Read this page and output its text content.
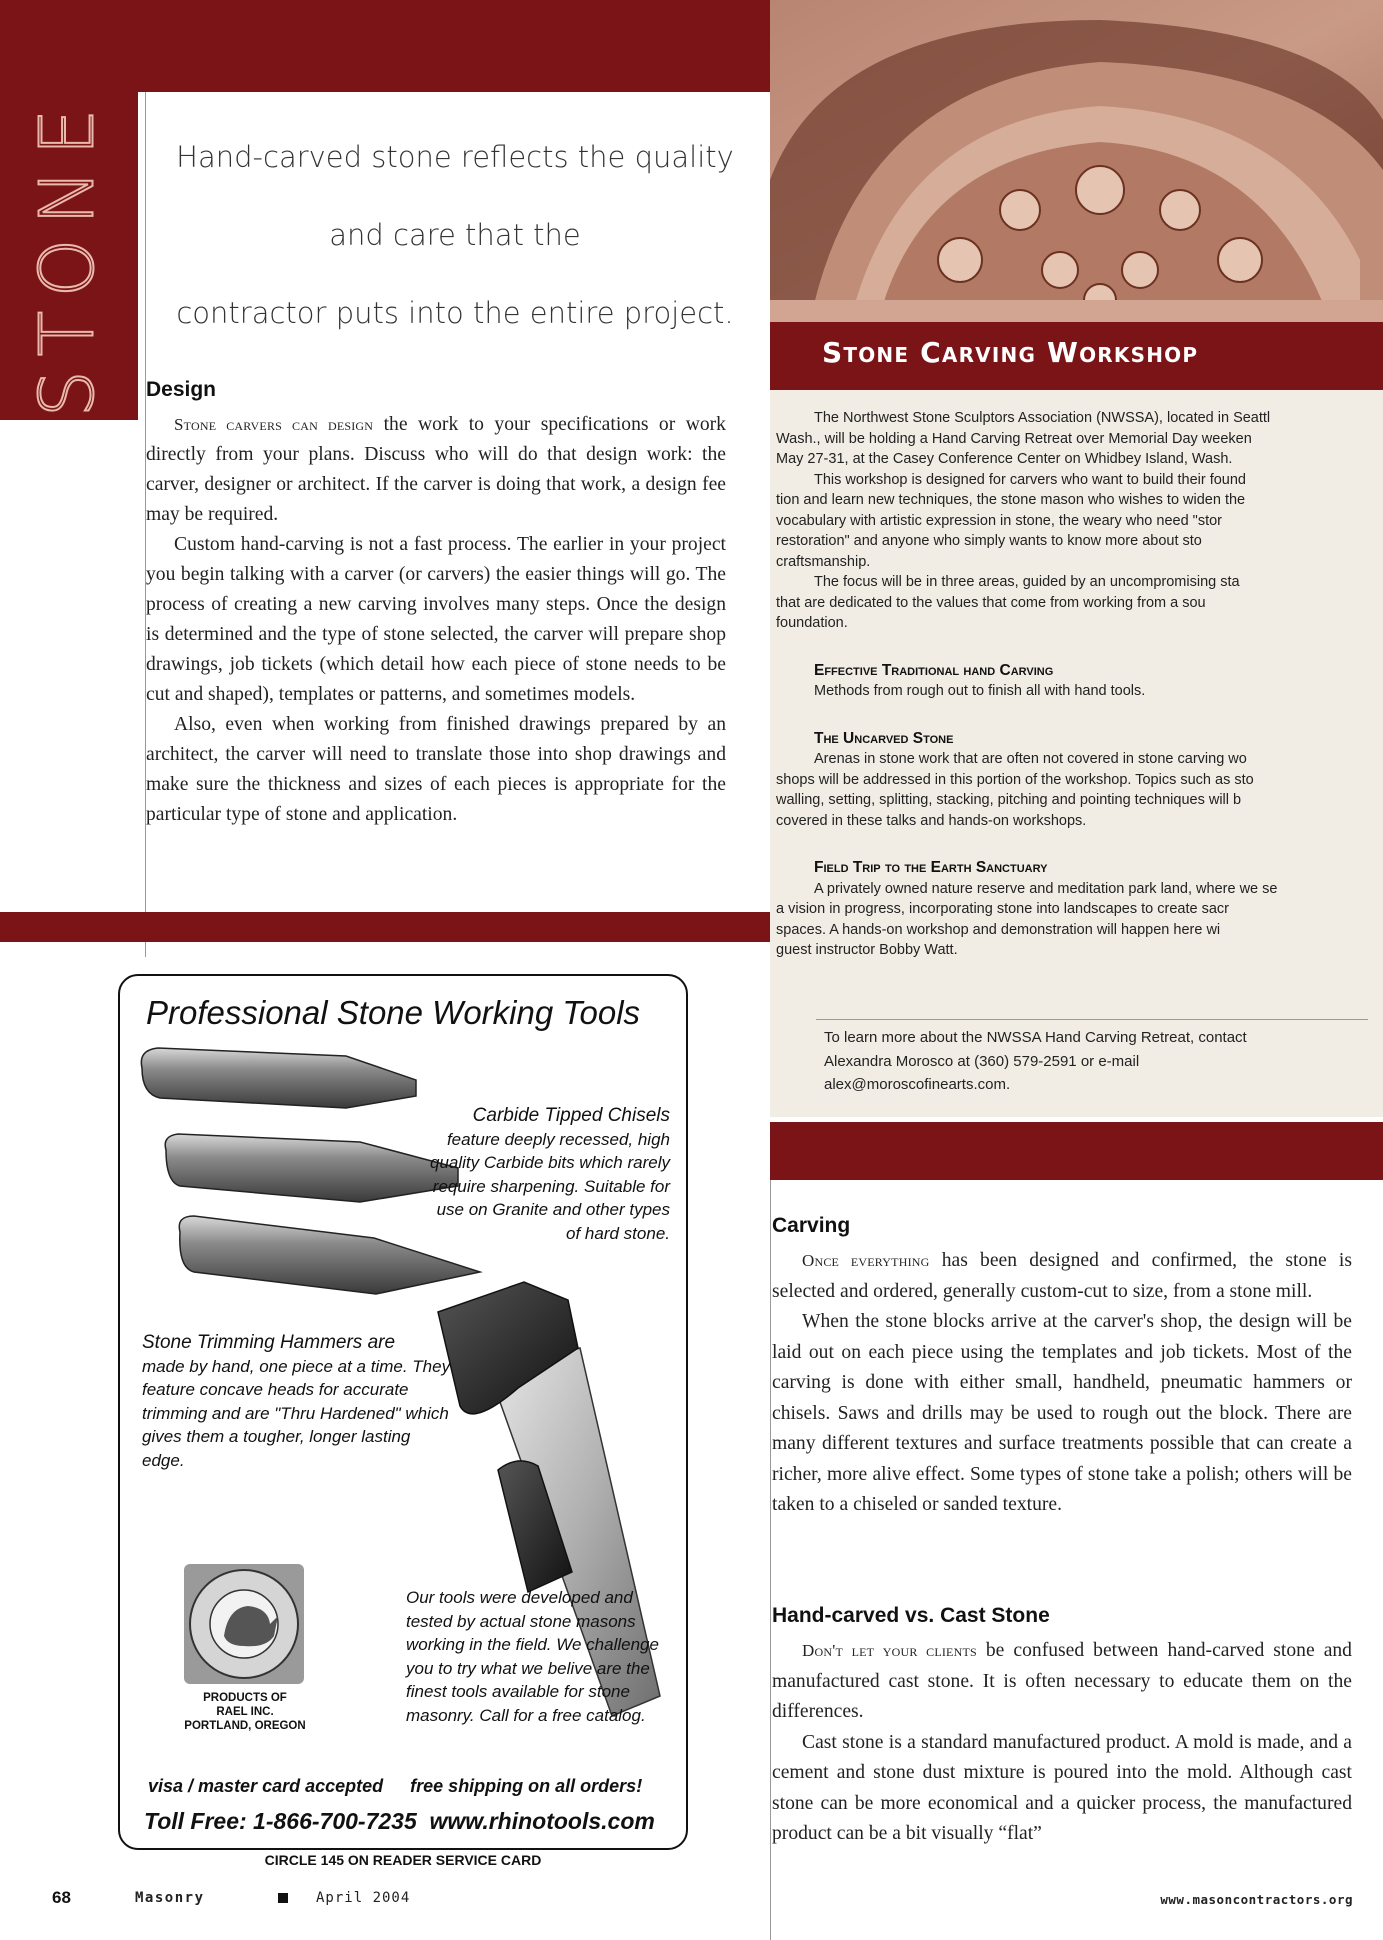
STONE	Hand-carved stone reflects the quality
and care that the
contractor puts into the entire project.
Design

Stone carvers can design the work to your specifications or work directly from your plans. Discuss who will do that design work: the carver, designer or architect. If the carver is doing that work, a design fee may be required.

Custom hand-carving is not a fast process. The earlier in your project you begin talking with a carver (or carvers) the easier things will go. The process of creating a new carving involves many steps. Once the design is determined and the type of stone selected, the carver will prepare shop drawings, job tickets (which detail how each piece of stone needs to be cut and shaped), templates or patterns, and sometimes models.

Also, even when working from finished drawings prepared by an architect, the carver will need to translate those into shop drawings and make sure the thickness and sizes of each pieces is appropriate for the particular type of stone and application.

Professional Stone Working Tools
Carbide Tipped Chisels
feature deeply recessed, high quality Carbide bits which rarely require sharpening. Suitable for use on Granite and other types of hard stone.
Stone Trimming Hammers are
made by hand, one piece at a time. They feature concave heads for accurate trimming and are "Thru Hardened" which gives them a tougher, longer lasting edge.
Our tools were developed and tested by actual stone masons working in the field. We challenge you to try what we belive are the finest tools available for stone masonry. Call for a free catalog.
PRODUCTS OF
RAEL INC.
PORTLAND, OREGON
visa / master card accepted free shipping on all orders!
Toll Free: 1-866-700-7235 www.rhinotools.com
CIRCLE 145 ON READER SERVICE CARD
68	Masonry	April 2004	www.masoncontractors.org
Stone Carving Workshop

The Northwest Stone Sculptors Association (NWSSA), located in Seattl

Wash., will be holding a Hand Carving Retreat over Memorial Day weeken

May 27-31, at the Casey Conference Center on Whidbey Island, Wash.

This workshop is designed for carvers who want to build their found

tion and learn new techniques, the stone mason who wishes to widen the

vocabulary with artistic expression in stone, the weary who need "stor

restoration" and anyone who simply wants to know more about sto

craftsmanship.

The focus will be in three areas, guided by an uncompromising sta

that are dedicated to the values that come from working from a sou

foundation.

Effective Traditional hand Carving

Methods from rough out to finish all with hand tools.

The Uncarved Stone

Arenas in stone work that are often not covered in stone carving wo

shops will be addressed in this portion of the workshop. Topics such as sto

walling, setting, splitting, stacking, pitching and pointing techniques will b

covered in these talks and hands-on workshops.

Field Trip to the Earth Sanctuary

A privately owned nature reserve and meditation park land, where we se

a vision in progress, incorporating stone into landscapes to create sacr

spaces. A hands-on workshop and demonstration will happen here wi

guest instructor Bobby Watt.

To learn more about the NWSSA Hand Carving Retreat, contact
Alexandra Morosco at (360) 579-2591 or e-mail
alex@moroscofinearts.com.
Carving

Once everything has been designed and confirmed, the stone is selected and ordered, generally custom-cut to size, from a stone mill.

When the stone blocks arrive at the carver's shop, the design will be laid out on each piece using the templates and job tickets. Most of the carving is done with either small, handheld, pneumatic hammers or chisels. Saws and drills may be used to rough out the block. There are many different textures and surface treatments possible that can create a richer, more alive effect. Some types of stone take a polish; others will be taken to a chiseled or sanded texture.

Hand-carved vs. Cast Stone

Don't let your clients be confused between hand-carved stone and manufactured cast stone. It is often necessary to educate them on the differences.

Cast stone is a standard manufactured product. A mold is made, and a cement and stone dust mixture is poured into the mold. Although cast stone can be more economical and a quicker process, the manufactured product can be a bit visually “flat”
